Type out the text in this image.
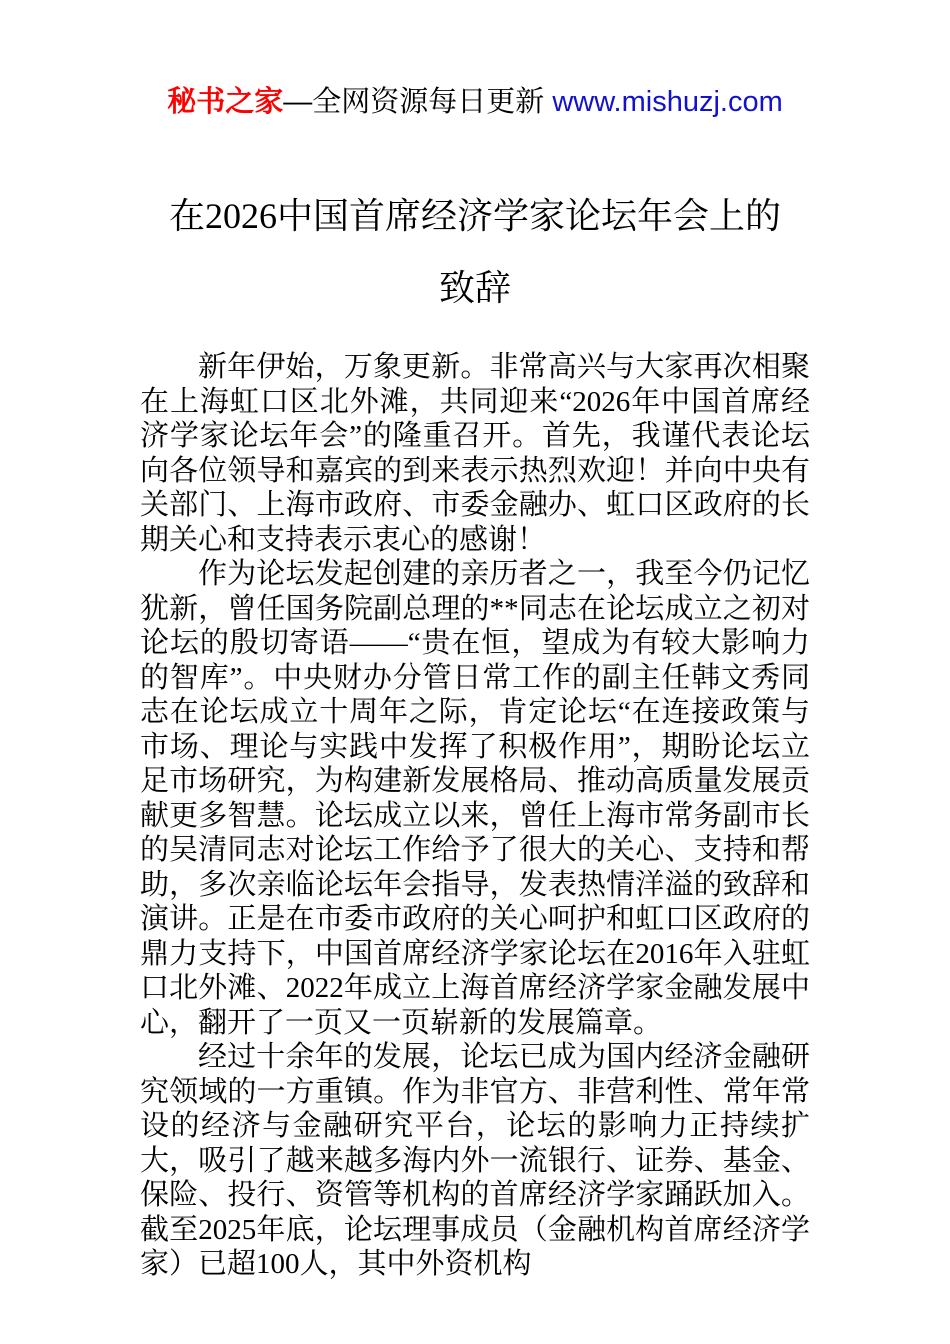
秘书之家—全网资源每日更新 www.mishuzj.com
在2026中国首席经济学家论坛年会上的
致辞

新年伊始，万象更新。非常高兴与大家再次相聚在上海虹口区北外滩，共同迎来“2026年中国首席经济学家论坛年会”的隆重召开。首先，我谨代表论坛向各位领导和嘉宾的到来表示热烈欢迎！并向中央有关部门、上海市政府、市委金融办、虹口区政府的长期关心和支持表示衷心的感谢！

作为论坛发起创建的亲历者之一，我至今仍记忆犹新，曾任国务院副总理的**同志在论坛成立之初对论坛的殷切寄语——“贵在恒，望成为有较大影响力的智库”。中央财办分管日常工作的副主任韩文秀同志在论坛成立十周年之际，肯定论坛“在连接政策与市场、理论与实践中发挥了积极作用”，期盼论坛立足市场研究，为构建新发展格局、推动高质量发展贡献更多智慧。论坛成立以来，曾任上海市常务副市长的吴清同志对论坛工作给予了很大的关心、支持和帮助，多次亲临论坛年会指导，发表热情洋溢的致辞和演讲。正是在市委市政府的关心呵护和虹口区政府的鼎力支持下，中国首席经济学家论坛在2016年入驻虹口北外滩、2022年成立上海首席经济学家金融发展中心，翻开了一页又一页崭新的发展篇章。

经过十余年的发展，论坛已成为国内经济金融研究领域的一方重镇。作为非官方、非营利性、常年常设的经济与金融研究平台，论坛的影响力正持续扩大，吸引了越来越多海内外一流银行、证券、基金、保险、投行、资管等机构的首席经济学家踊跃加入。截至2025年底，论坛理事成员（金融机构首席经济学家）已超100人，其中外资机构
